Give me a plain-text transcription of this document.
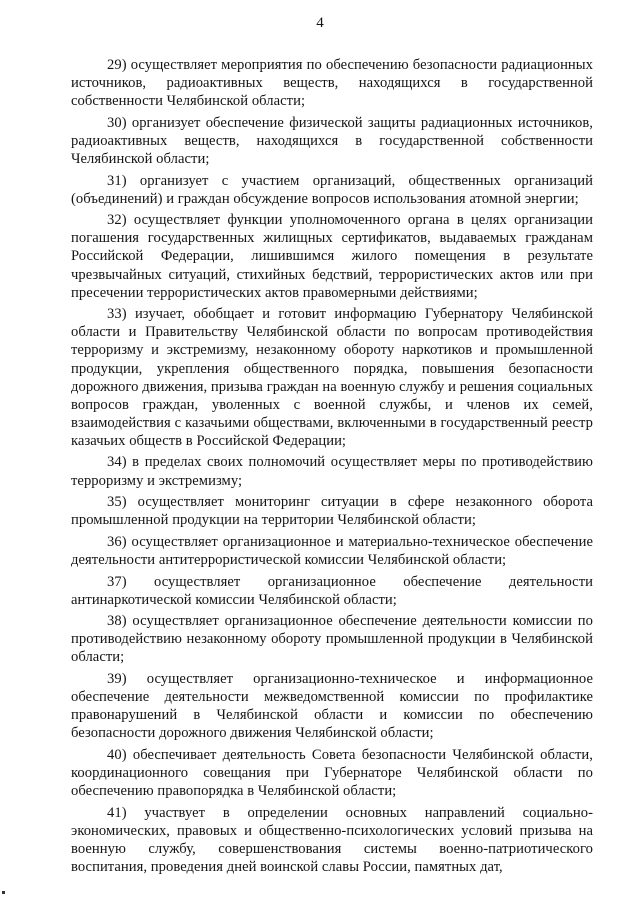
4

29) осуществляет мероприятия по обеспечению безопасности радиационных источников, радиоактивных веществ, находящихся в государственной собственности Челябинской области;

30) организует обеспечение физической защиты радиационных источников, радиоактивных веществ, находящихся в государственной собственности Челябинской области;

31) организует с участием организаций, общественных организаций (объединений) и граждан обсуждение вопросов использования атомной энергии;

32) осуществляет функции уполномоченного органа в целях организации погашения государственных жилищных сертификатов, выдаваемых гражданам Российской Федерации, лишившимся жилого помещения в результате чрезвычайных ситуаций, стихийных бедствий, террористических актов или при пресечении террористических актов правомерными действиями;

33) изучает, обобщает и готовит информацию Губернатору Челябинской области и Правительству Челябинской области по вопросам противодействия терроризму и экстремизму, незаконному обороту наркотиков и промышленной продукции, укрепления общественного порядка, повышения безопасности дорожного движения, призыва граждан на военную службу и решения социальных вопросов граждан, уволенных с военной службы, и членов их семей, взаимодействия с казачьими обществами, включенными в государственный реестр казачьих обществ в Российской Федерации;

34) в пределах своих полномочий осуществляет меры по противодействию терроризму и экстремизму;

35) осуществляет мониторинг ситуации в сфере незаконного оборота промышленной продукции на территории Челябинской области;

36) осуществляет организационное и материально-техническое обеспечение деятельности антитеррористической комиссии Челябинской области;

37) осуществляет организационное обеспечение деятельности антинаркотической комиссии Челябинской области;

38) осуществляет организационное обеспечение деятельности комиссии по противодействию незаконному обороту промышленной продукции в Челябинской области;

39) осуществляет организационно-техническое и информационное обеспечение деятельности межведомственной комиссии по профилактике правонарушений в Челябинской области и комиссии по обеспечению безопасности дорожного движения Челябинской области;

40) обеспечивает деятельность Совета безопасности Челябинской области, координационного совещания при Губернаторе Челябинской области по обеспечению правопорядка в Челябинской области;

41) участвует в определении основных направлений социально-экономических, правовых и общественно-психологических условий призыва на военную службу, совершенствования системы военно-патриотического воспитания, проведения дней воинской славы России, памятных дат,
